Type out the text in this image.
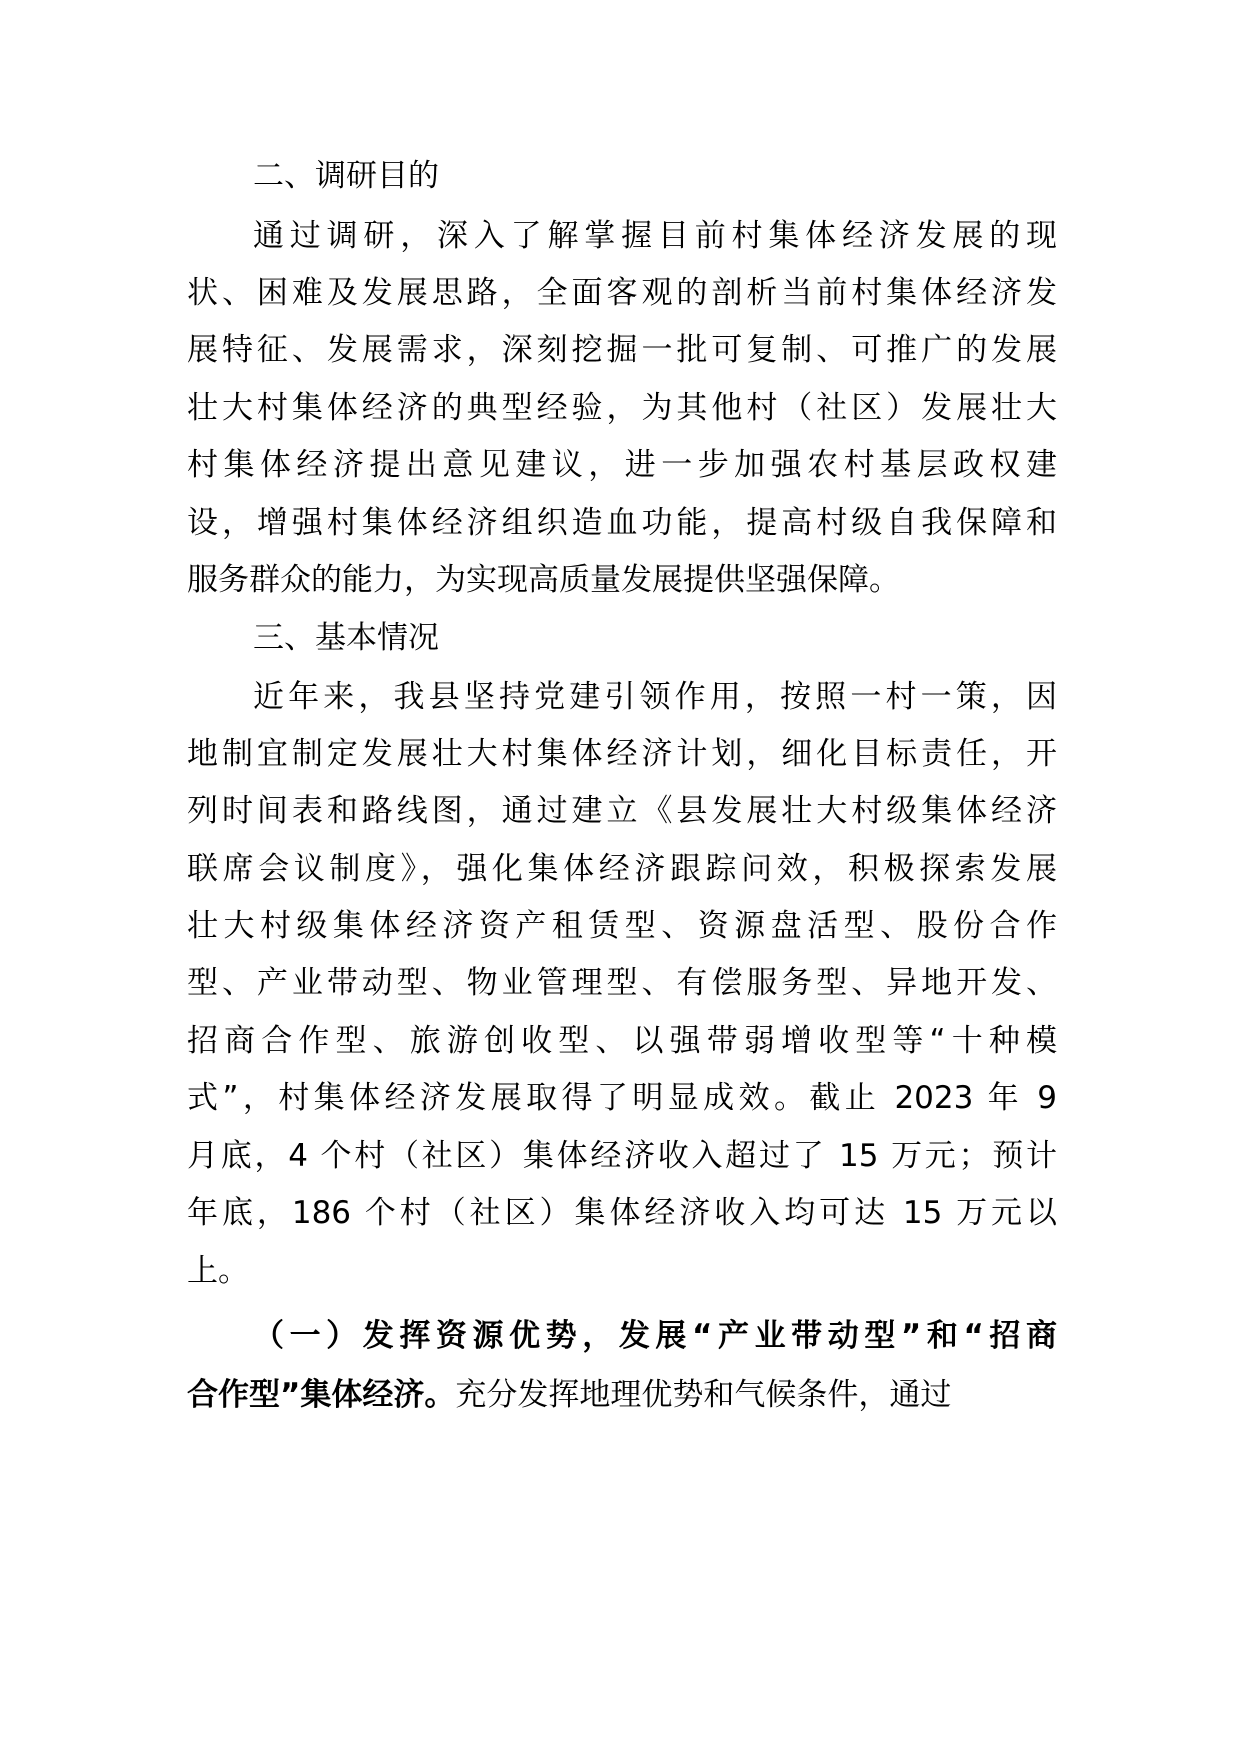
二、调研目的
通过调研，深入了解掌握目前村集体经济发展的现
状、困难及发展思路，全面客观的剖析当前村集体经济发
展特征、发展需求，深刻挖掘一批可复制、可推广的发展
壮大村集体经济的典型经验，为其他村（社区）发展壮大
村集体经济提出意见建议，进一步加强农村基层政权建
设，增强村集体经济组织造血功能，提高村级自我保障和
服务群众的能力，为实现高质量发展提供坚强保障。
三、基本情况
近年来，我县坚持党建引领作用，按照一村一策，因
地制宜制定发展壮大村集体经济计划，细化目标责任，开
列时间表和路线图，通过建立《县发展壮大村级集体经济
联席会议制度》，强化集体经济跟踪问效，积极探索发展
壮大村级集体经济资产租赁型、资源盘活型、股份合作
型、产业带动型、物业管理型、有偿服务型、异地开发、
招商合作型、旅游创收型、以强带弱增收型等“十种模
式”，村集体经济发展取得了明显成效。截止 2023 年 9
月底，4 个村（社区）集体经济收入超过了 15 万元；预计
年底，186 个村（社区）集体经济收入均可达 15 万元以
上。
（一）发挥资源优势，发展“产业带动型”和“招商
合作型”集体经济。充分发挥地理优势和气候条件，通过
